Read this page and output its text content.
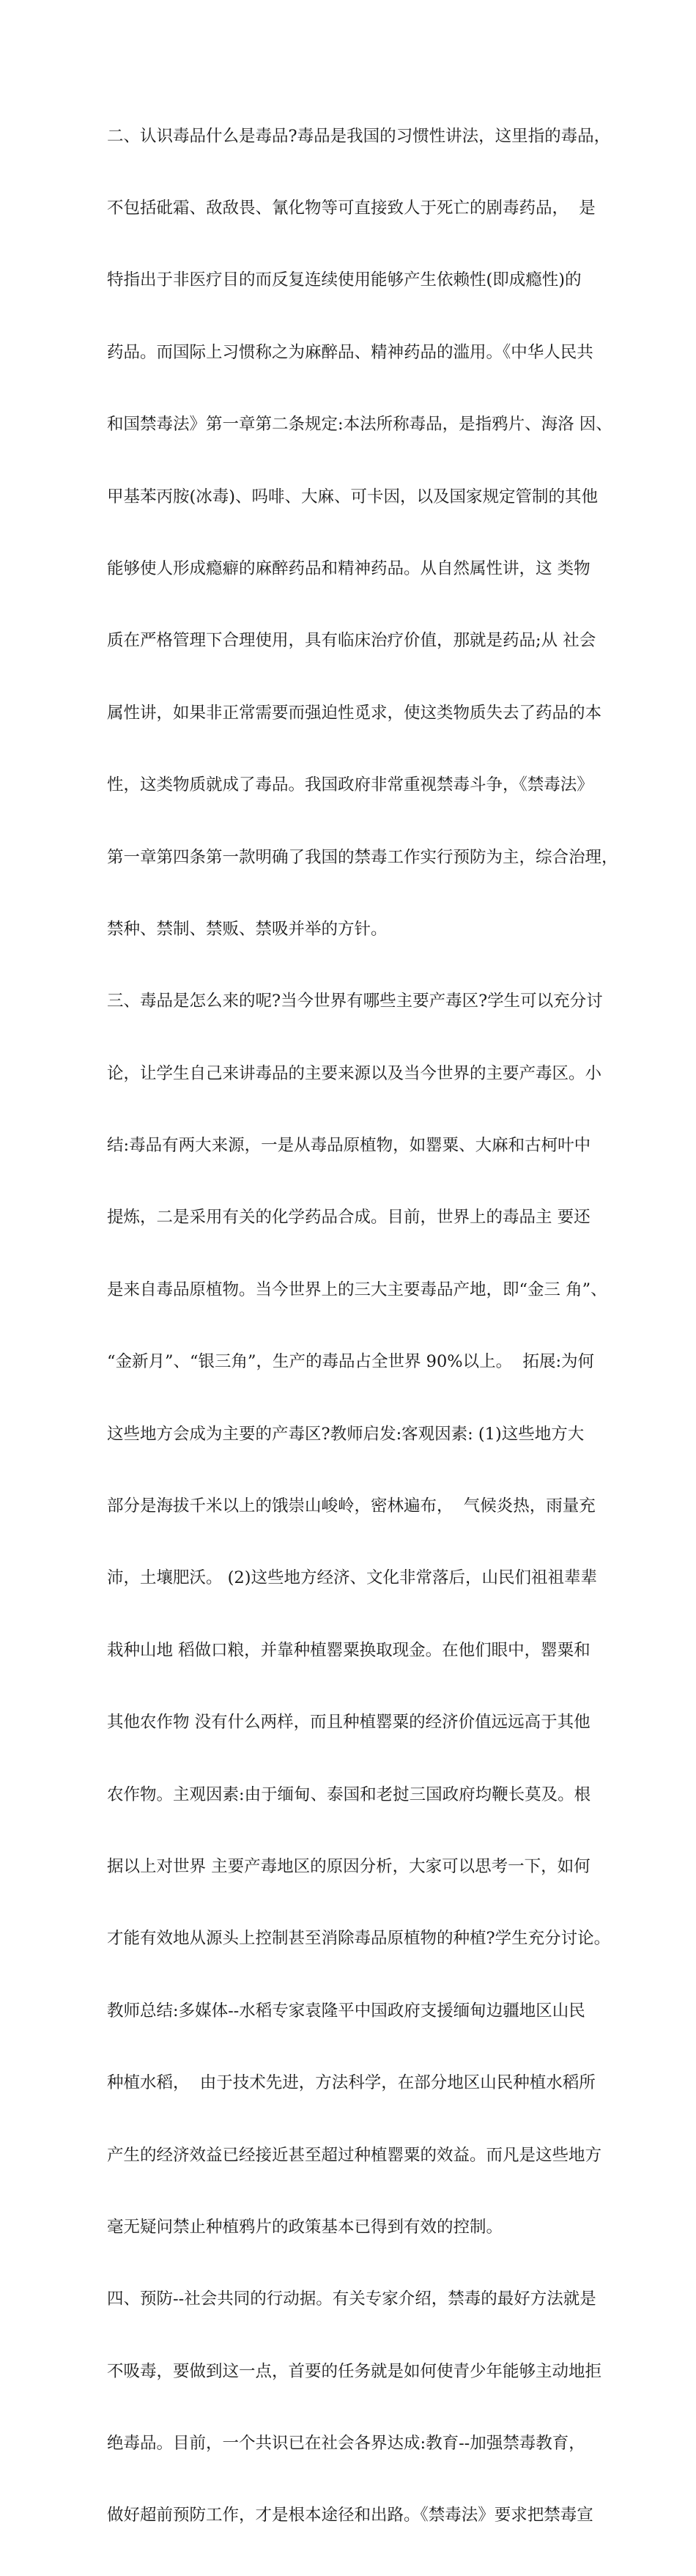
二、认识毒品什么是毒品?毒品是我国的习惯性讲法，这里指的毒品，

不包括砒霜、敌敌畏、氰化物等可直接致人于死亡的剧毒药品，  是

特指出于非医疗目的而反复连续使用能够产生依赖性(即成瘾性)的

药品。而国际上习惯称之为麻醉品、精神药品的滥用。《中华人民共

和国禁毒法》第一章第二条规定:本法所称毒品，是指鸦片、海洛 因、

甲基苯丙胺(冰毒)、吗啡、大麻、可卡因，以及国家规定管制的其他

能够使人形成瘾癖的麻醉药品和精神药品。从自然属性讲，这 类物

质在严格管理下合理使用，具有临床治疗价值，那就是药品;从 社会

属性讲，如果非正常需要而强迫性觅求，使这类物质失去了药品的本

性，这类物质就成了毒品。我国政府非常重视禁毒斗争，《禁毒法》

第一章第四条第一款明确了我国的禁毒工作实行预防为主，综合治理，

禁种、禁制、禁贩、禁吸并举的方针。

三、毒品是怎么来的呢?当今世界有哪些主要产毒区?学生可以充分讨

论，让学生自己来讲毒品的主要来源以及当今世界的主要产毒区。小

结:毒品有两大来源，一是从毒品原植物，如罂粟、大麻和古柯叶中

提炼，二是采用有关的化学药品合成。目前，世界上的毒品主 要还

是来自毒品原植物。当今世界上的三大主要毒品产地，即“金三 角”、

“金新月”、“银三角”，生产的毒品占全世界 90%以上。  拓展:为何

这些地方会成为主要的产毒区?教师启发:客观因素: (1)这些地方大

部分是海拔千米以上的饿崇山峻岭，密林遍布，  气候炎热，雨量充

沛，土壤肥沃。 (2)这些地方经济、文化非常落后，山民们祖祖辈辈

栽种山地 稻做口粮，并靠种植罂粟换取现金。在他们眼中，罂粟和

其他农作物 没有什么两样，而且种植罂粟的经济价值远远高于其他

农作物。主观因素:由于缅甸、泰国和老挝三国政府均鞭长莫及。根

据以上对世界 主要产毒地区的原因分析，大家可以思考一下，如何

才能有效地从源头上控制甚至消除毒品原植物的种植?学生充分讨论。

教师总结:多媒体--水稻专家袁隆平中国政府支援缅甸边疆地区山民

种植水稻，  由于技术先进，方法科学，在部分地区山民种植水稻所

产生的经济效益已经接近甚至超过种植罂粟的效益。而凡是这些地方

毫无疑问禁止种植鸦片的政策基本已得到有效的控制。

四、预防--社会共同的行动据。有关专家介绍，禁毒的最好方法就是

不吸毒，要做到这一点，首要的任务就是如何使青少年能够主动地拒

绝毒品。目前，一个共识已在社会各界达成:教育--加强禁毒教育，

做好超前预防工作，才是根本途径和出路。《禁毒法》要求把禁毒宣
